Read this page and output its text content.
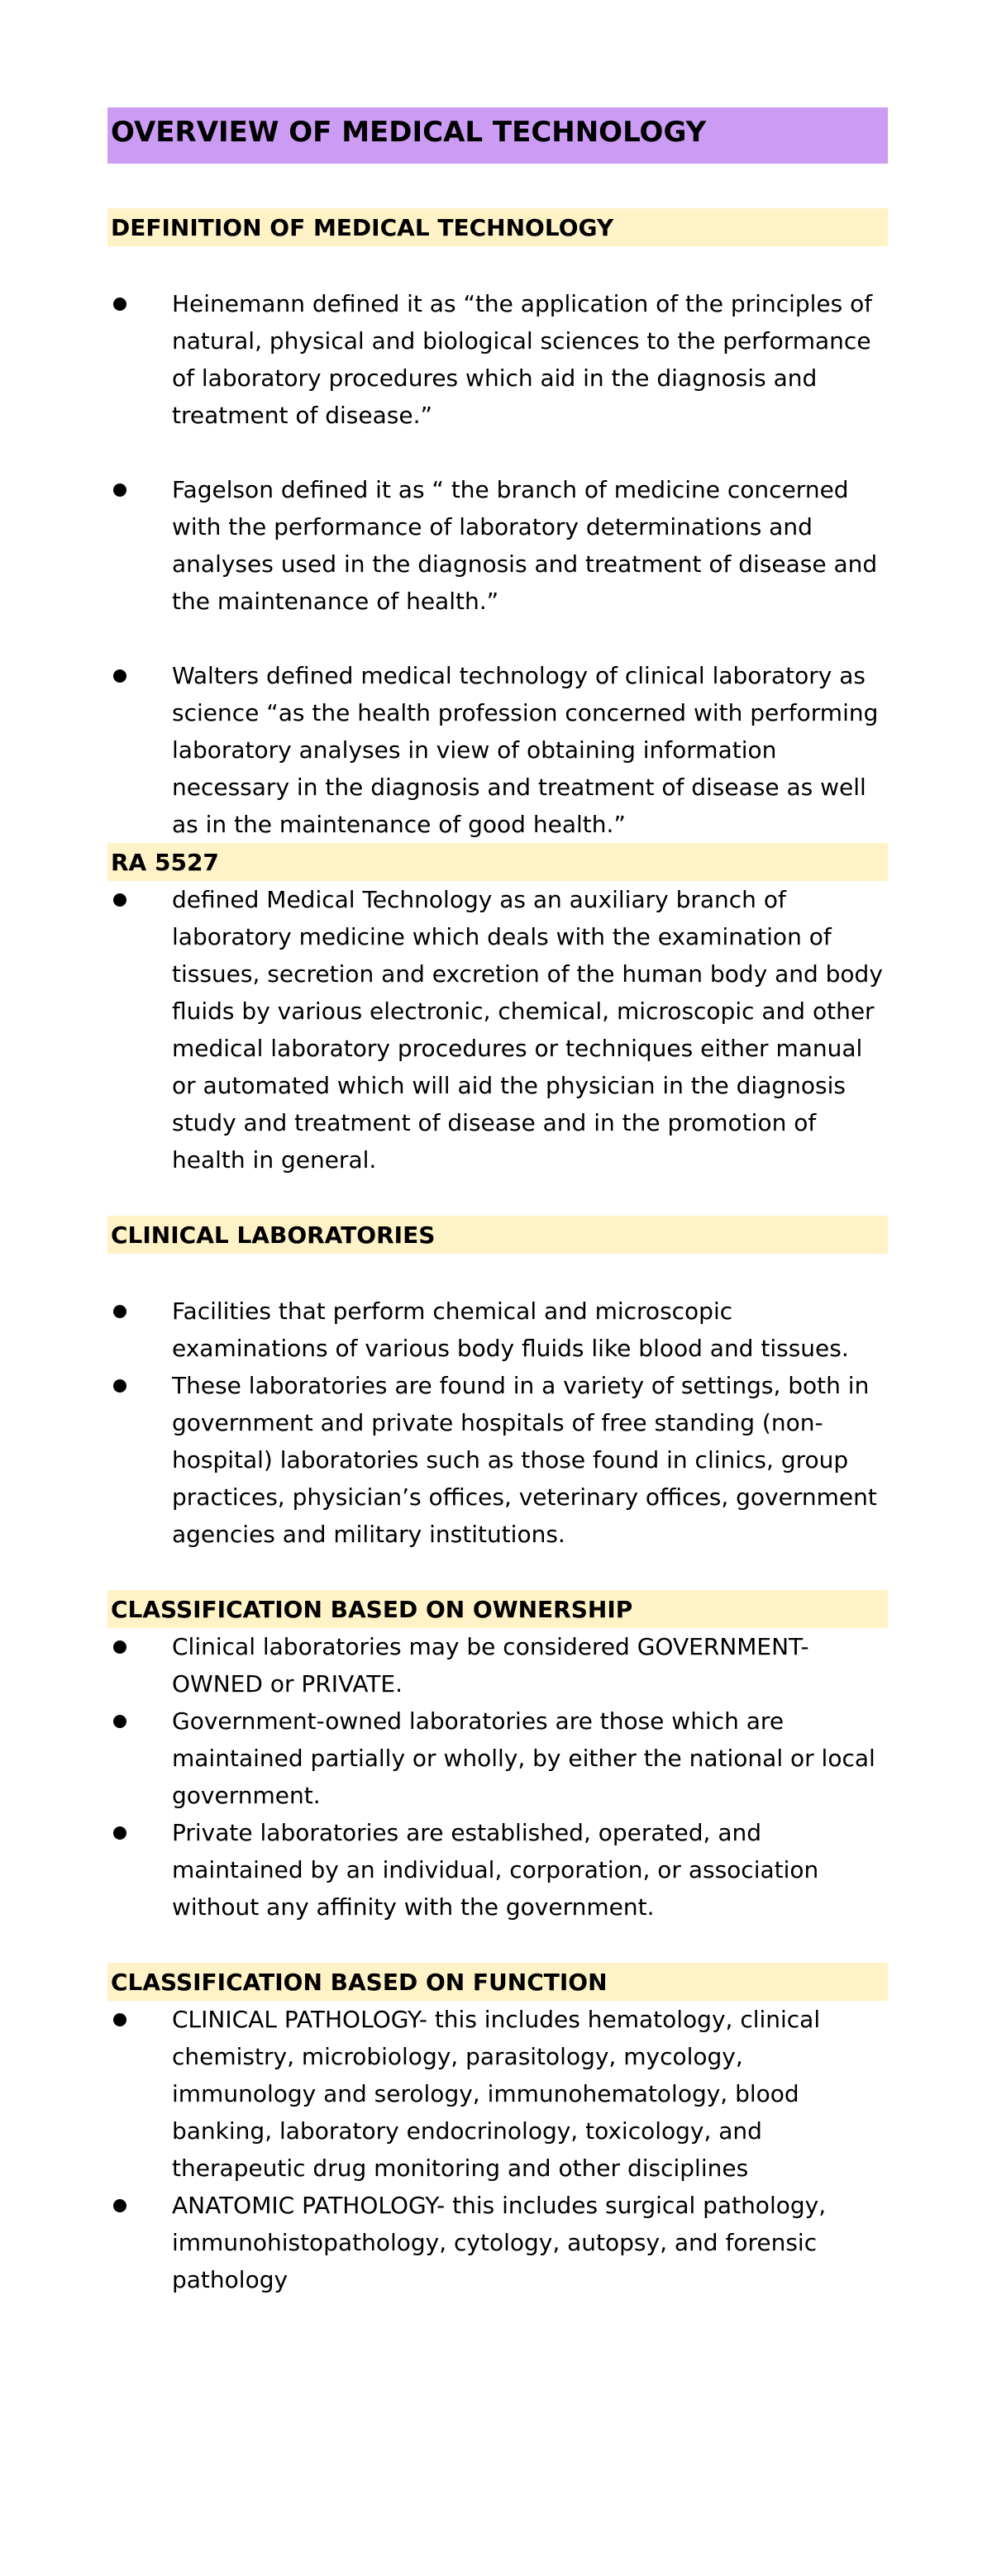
OVERVIEW OF MEDICAL TECHNOLOGY
DEFINITION OF MEDICAL TECHNOLOGY
Heinemann defined it as “the application of the principles of natural, physical and biological sciences to the performance of laboratory procedures which aid in the diagnosis and treatment of disease.”
Fagelson defined it as “ the branch of medicine concerned with the performance of laboratory determinations and analyses used in the diagnosis and treatment of disease and the maintenance of health.”
Walters defined medical technology of clinical laboratory as science “as the health profession concerned with performing laboratory analyses in view of obtaining information necessary in the diagnosis and treatment of disease as well as in the maintenance of good health.”
RA 5527
defined Medical Technology as an auxiliary branch of laboratory medicine which deals with the examination of tissues, secretion and excretion of the human body and body fluids by various electronic, chemical, microscopic and other medical laboratory procedures or techniques either manual or automated which will aid the physician in the diagnosis study and treatment of disease and in the promotion of health in general.
CLINICAL LABORATORIES
Facilities that perform chemical and microscopic examinations of various body fluids like blood and tissues.
These laboratories are found in a variety of settings, both in government and private hospitals of free standing (non-hospital) laboratories such as those found in clinics, group practices, physician’s offices, veterinary offices, government agencies and military institutions.
CLASSIFICATION BASED ON OWNERSHIP
Clinical laboratories may be considered GOVERNMENT-OWNED or PRIVATE.
Government-owned laboratories are those which are maintained partially or wholly, by either the national or local government.
Private laboratories are established, operated, and maintained by an individual, corporation, or association without any affinity with the government.
CLASSIFICATION BASED ON FUNCTION
CLINICAL PATHOLOGY- this includes hematology, clinical chemistry, microbiology, parasitology, mycology, immunology and serology, immunohematology, blood banking, laboratory endocrinology, toxicology, and therapeutic drug monitoring and other disciplines
ANATOMIC PATHOLOGY- this includes surgical pathology, immunohistopathology, cytology, autopsy, and forensic pathology
